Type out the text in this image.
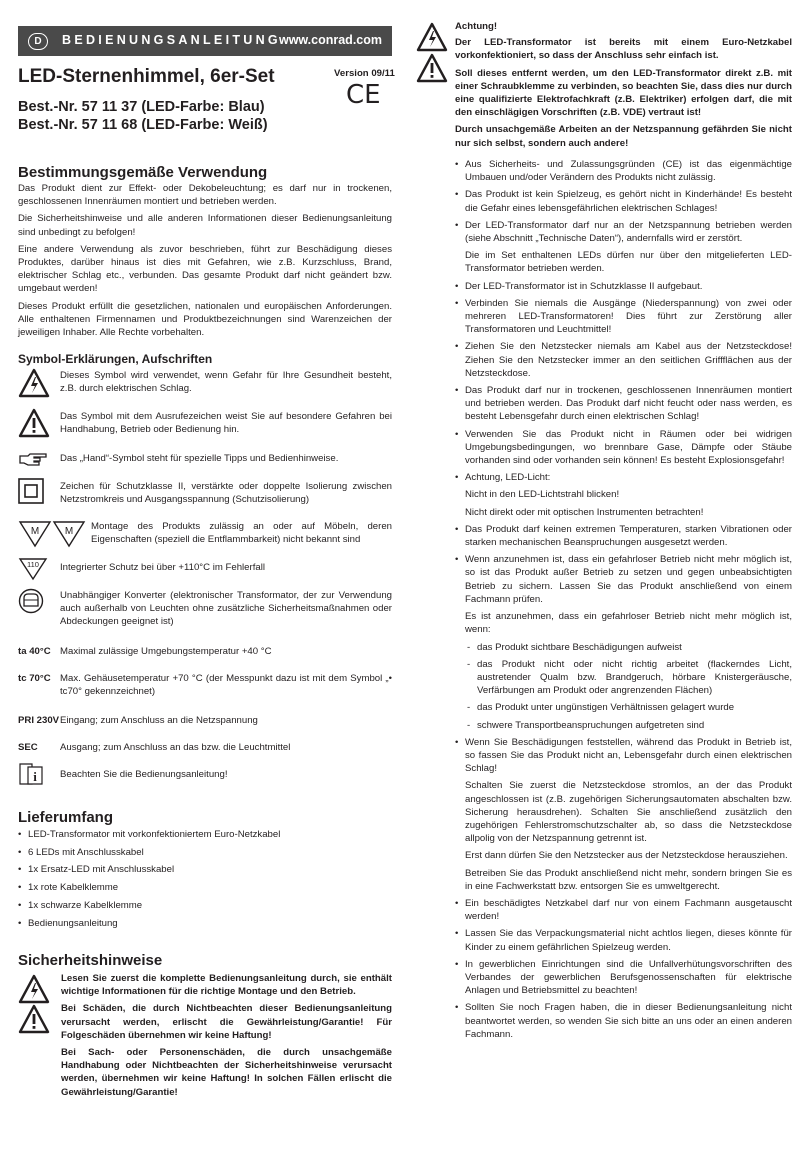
D	BEDIENUNGSANLEITUNG
www.conrad.com
LED-Sternenhimmel, 6er-Set	Version 09/11
CE
Best.-Nr. 57 11 37 (LED-Farbe: Blau)
Best.-Nr. 57 11 68 (LED-Farbe: Weiß)
Bestimmungsgemäße Verwendung

Das Produkt dient zur Effekt- oder Dekobeleuchtung; es darf nur in trockenen, geschlossenen Innenräumen montiert und betrieben werden.

Die Sicherheitshinweise und alle anderen Informationen dieser Bedienungsanleitung sind unbedingt zu befolgen!

Eine andere Verwendung als zuvor beschrieben, führt zur Beschädigung dieses Produktes, darüber hinaus ist dies mit Gefahren, wie z.B. Kurzschluss, Brand, elektrischer Schlag etc., verbunden. Das gesamte Produkt darf nicht geändert bzw. umgebaut werden!

Dieses Produkt erfüllt die gesetzlichen, nationalen und europäischen Anforderungen. Alle enthaltenen Firmennamen und Produktbezeichnungen sind Warenzeichen der jeweiligen Inhaber. Alle Rechte vorbehalten.

Symbol-Erklärungen, Aufschriften
Dieses Symbol wird verwendet, wenn Gefahr für Ihre Gesundheit besteht, z.B. durch elektrischen Schlag.
Das Symbol mit dem Ausrufezeichen weist Sie auf besondere Gefahren bei Handhabung, Betrieb oder Bedienung hin.
Das „Hand“-Symbol steht für spezielle Tipps und Bedienhinweise.
Zeichen für Schutzklasse II, verstärkte oder doppelte Isolierung zwischen Netzstromkreis und Ausgangsspannung (Schutzisolierung)
M	M Montage des Produkts zulässig an oder auf Möbeln, deren Eigenschaften (speziell die Entflammbarkeit) nicht bekannt sind
110 Integrierter Schutz bei über +110°C im Fehlerfall
Unabhängiger Konverter (elektronischer Transformator, der zur Verwendung auch außerhalb von Leuchten ohne zusätzliche Sicherheitsmaßnahmen oder Abdeckungen geeignet ist)
ta 40°C Maximal zulässige Umgebungstemperatur +40 °C
tc 70°C Max. Gehäusetemperatur +70 °C (der Messpunkt dazu ist mit dem Symbol „• tc70° gekennzeichnet)
PRI 230V Eingang; zum Anschluss an die Netzspannung
SEC Ausgang; zum Anschluss an das bzw. die Leuchtmittel
i Beachten Sie die Bedienungsanleitung!
Lieferumfang
• LED-Transformator mit vorkonfektioniertem Euro-Netzkabel
• 6 LEDs mit Anschlusskabel
• 1x Ersatz-LED mit Anschlusskabel
• 1x rote Kabelklemme
• 1x schwarze Kabelklemme
• Bedienungsanleitung
Sicherheitshinweise

Lesen Sie zuerst die komplette Bedienungsanleitung durch, sie enthält wichtige Informationen für die richtige Montage und den Betrieb.

Bei Schäden, die durch Nichtbeachten dieser Bedienungsanleitung verursacht werden, erlischt die Gewährleistung/Garantie! Für Folgeschäden übernehmen wir keine Haftung!

Bei Sach- oder Personenschäden, die durch unsachgemäße Handhabung oder Nichtbeachten der Sicherheitshinweise verursacht werden, übernehmen wir keine Haftung! In solchen Fällen erlischt die Gewährleistung/Garantie!

Achtung!

Der LED-Transformator ist bereits mit einem Euro-Netzkabel vorkonfektioniert, so dass der Anschluss sehr einfach ist.

Soll dieses entfernt werden, um den LED-Transformator direkt z.B. mit einer Schraubklemme zu verbinden, so beachten Sie, dass dies nur durch eine qualifizierte Elektrofachkraft (z.B. Elektriker) erfolgen darf, die mit den einschlägigen Vorschriften (z.B. VDE) vertraut ist!

Durch unsachgemäße Arbeiten an der Netzspannung gefährden Sie nicht nur sich selbst, sondern auch andere!

• Aus Sicherheits- und Zulassungsgründen (CE) ist das eigenmächtige Umbauen und/oder Verändern des Produkts nicht zulässig.
• Das Produkt ist kein Spielzeug, es gehört nicht in Kinderhände! Es besteht die Gefahr eines lebensgefährlichen elektrischen Schlages!

• Der LED-Transformator darf nur an der Netzspannung betrieben werden (siehe Abschnitt „Technische Daten“), andernfalls wird er zerstört.

Die im Set enthaltenen LEDs dürfen nur über den mitgelieferten LED-Transformator betrieben werden.

• Der LED-Transformator ist in Schutzklasse II aufgebaut.
• Verbinden Sie niemals die Ausgänge (Niederspannung) von zwei oder mehreren LED-Transformatoren! Dies führt zur Zerstörung aller Transformatoren und Leuchtmittel!
• Ziehen Sie den Netzstecker niemals am Kabel aus der Netzsteckdose! Ziehen Sie den Netzstecker immer an den seitlichen Griffflächen aus der Netzsteckdose.
• Das Produkt darf nur in trockenen, geschlossenen Innenräumen montiert und betrieben werden. Das Produkt darf nicht feucht oder nass werden, es besteht Lebensgefahr durch einen elektrischen Schlag!
• Verwenden Sie das Produkt nicht in Räumen oder bei widrigen Umgebungsbedingungen, wo brennbare Gase, Dämpfe oder Stäube vorhanden sind oder vorhanden sein können! Es besteht Explosionsgefahr!

• Achtung, LED-Licht:

Nicht in den LED-Lichtstrahl blicken!

Nicht direkt oder mit optischen Instrumenten betrachten!

• Das Produkt darf keinen extremen Temperaturen, starken Vibrationen oder starken mechanischen Beanspruchungen ausgesetzt werden.

• Wenn anzunehmen ist, dass ein gefahrloser Betrieb nicht mehr möglich ist, so ist das Produkt außer Betrieb zu setzen und gegen unbeabsichtigten Betrieb zu sichern. Lassen Sie das Produkt anschließend von einem Fachmann prüfen.

Es ist anzunehmen, dass ein gefahrloser Betrieb nicht mehr möglich ist, wenn:

- das Produkt sichtbare Beschädigungen aufweist

- das Produkt nicht oder nicht richtig arbeitet (flackerndes Licht, austretender Qualm bzw. Brandgeruch, hörbare Knistergeräusche, Verfärbungen am Produkt oder angrenzenden Flächen)

- das Produkt unter ungünstigen Verhältnissen gelagert wurde

- schwere Transportbeanspruchungen aufgetreten sind

• Wenn Sie Beschädigungen feststellen, während das Produkt in Betrieb ist, so fassen Sie das Produkt nicht an, Lebensgefahr durch einen elektrischen Schlag!

Schalten Sie zuerst die Netzsteckdose stromlos, an der das Produkt angeschlossen ist (z.B. zugehörigen Sicherungsautomaten abschalten bzw. Sicherung herausdrehen). Schalten Sie anschließend zusätzlich den zugehörigen Fehlerstromschutzschalter ab, so dass die Netzsteckdose allpolig von der Netzspannung getrennt ist.

Erst dann dürfen Sie den Netzstecker aus der Netzsteckdose herausziehen.

Betreiben Sie das Produkt anschließend nicht mehr, sondern bringen Sie es in eine Fachwerkstatt bzw. entsorgen Sie es umweltgerecht.

• Ein beschädigtes Netzkabel darf nur von einem Fachmann ausgetauscht werden!
• Lassen Sie das Verpackungsmaterial nicht achtlos liegen, dieses könnte für Kinder zu einem gefährlichen Spielzeug werden.
• In gewerblichen Einrichtungen sind die Unfallverhütungsvorschriften des Verbandes der gewerblichen Berufsgenossenschaften für elektrische Anlagen und Betriebsmittel zu beachten!
• Sollten Sie noch Fragen haben, die in dieser Bedienungsanleitung nicht beantwortet werden, so wenden Sie sich bitte an uns oder an einen anderen Fachmann.
